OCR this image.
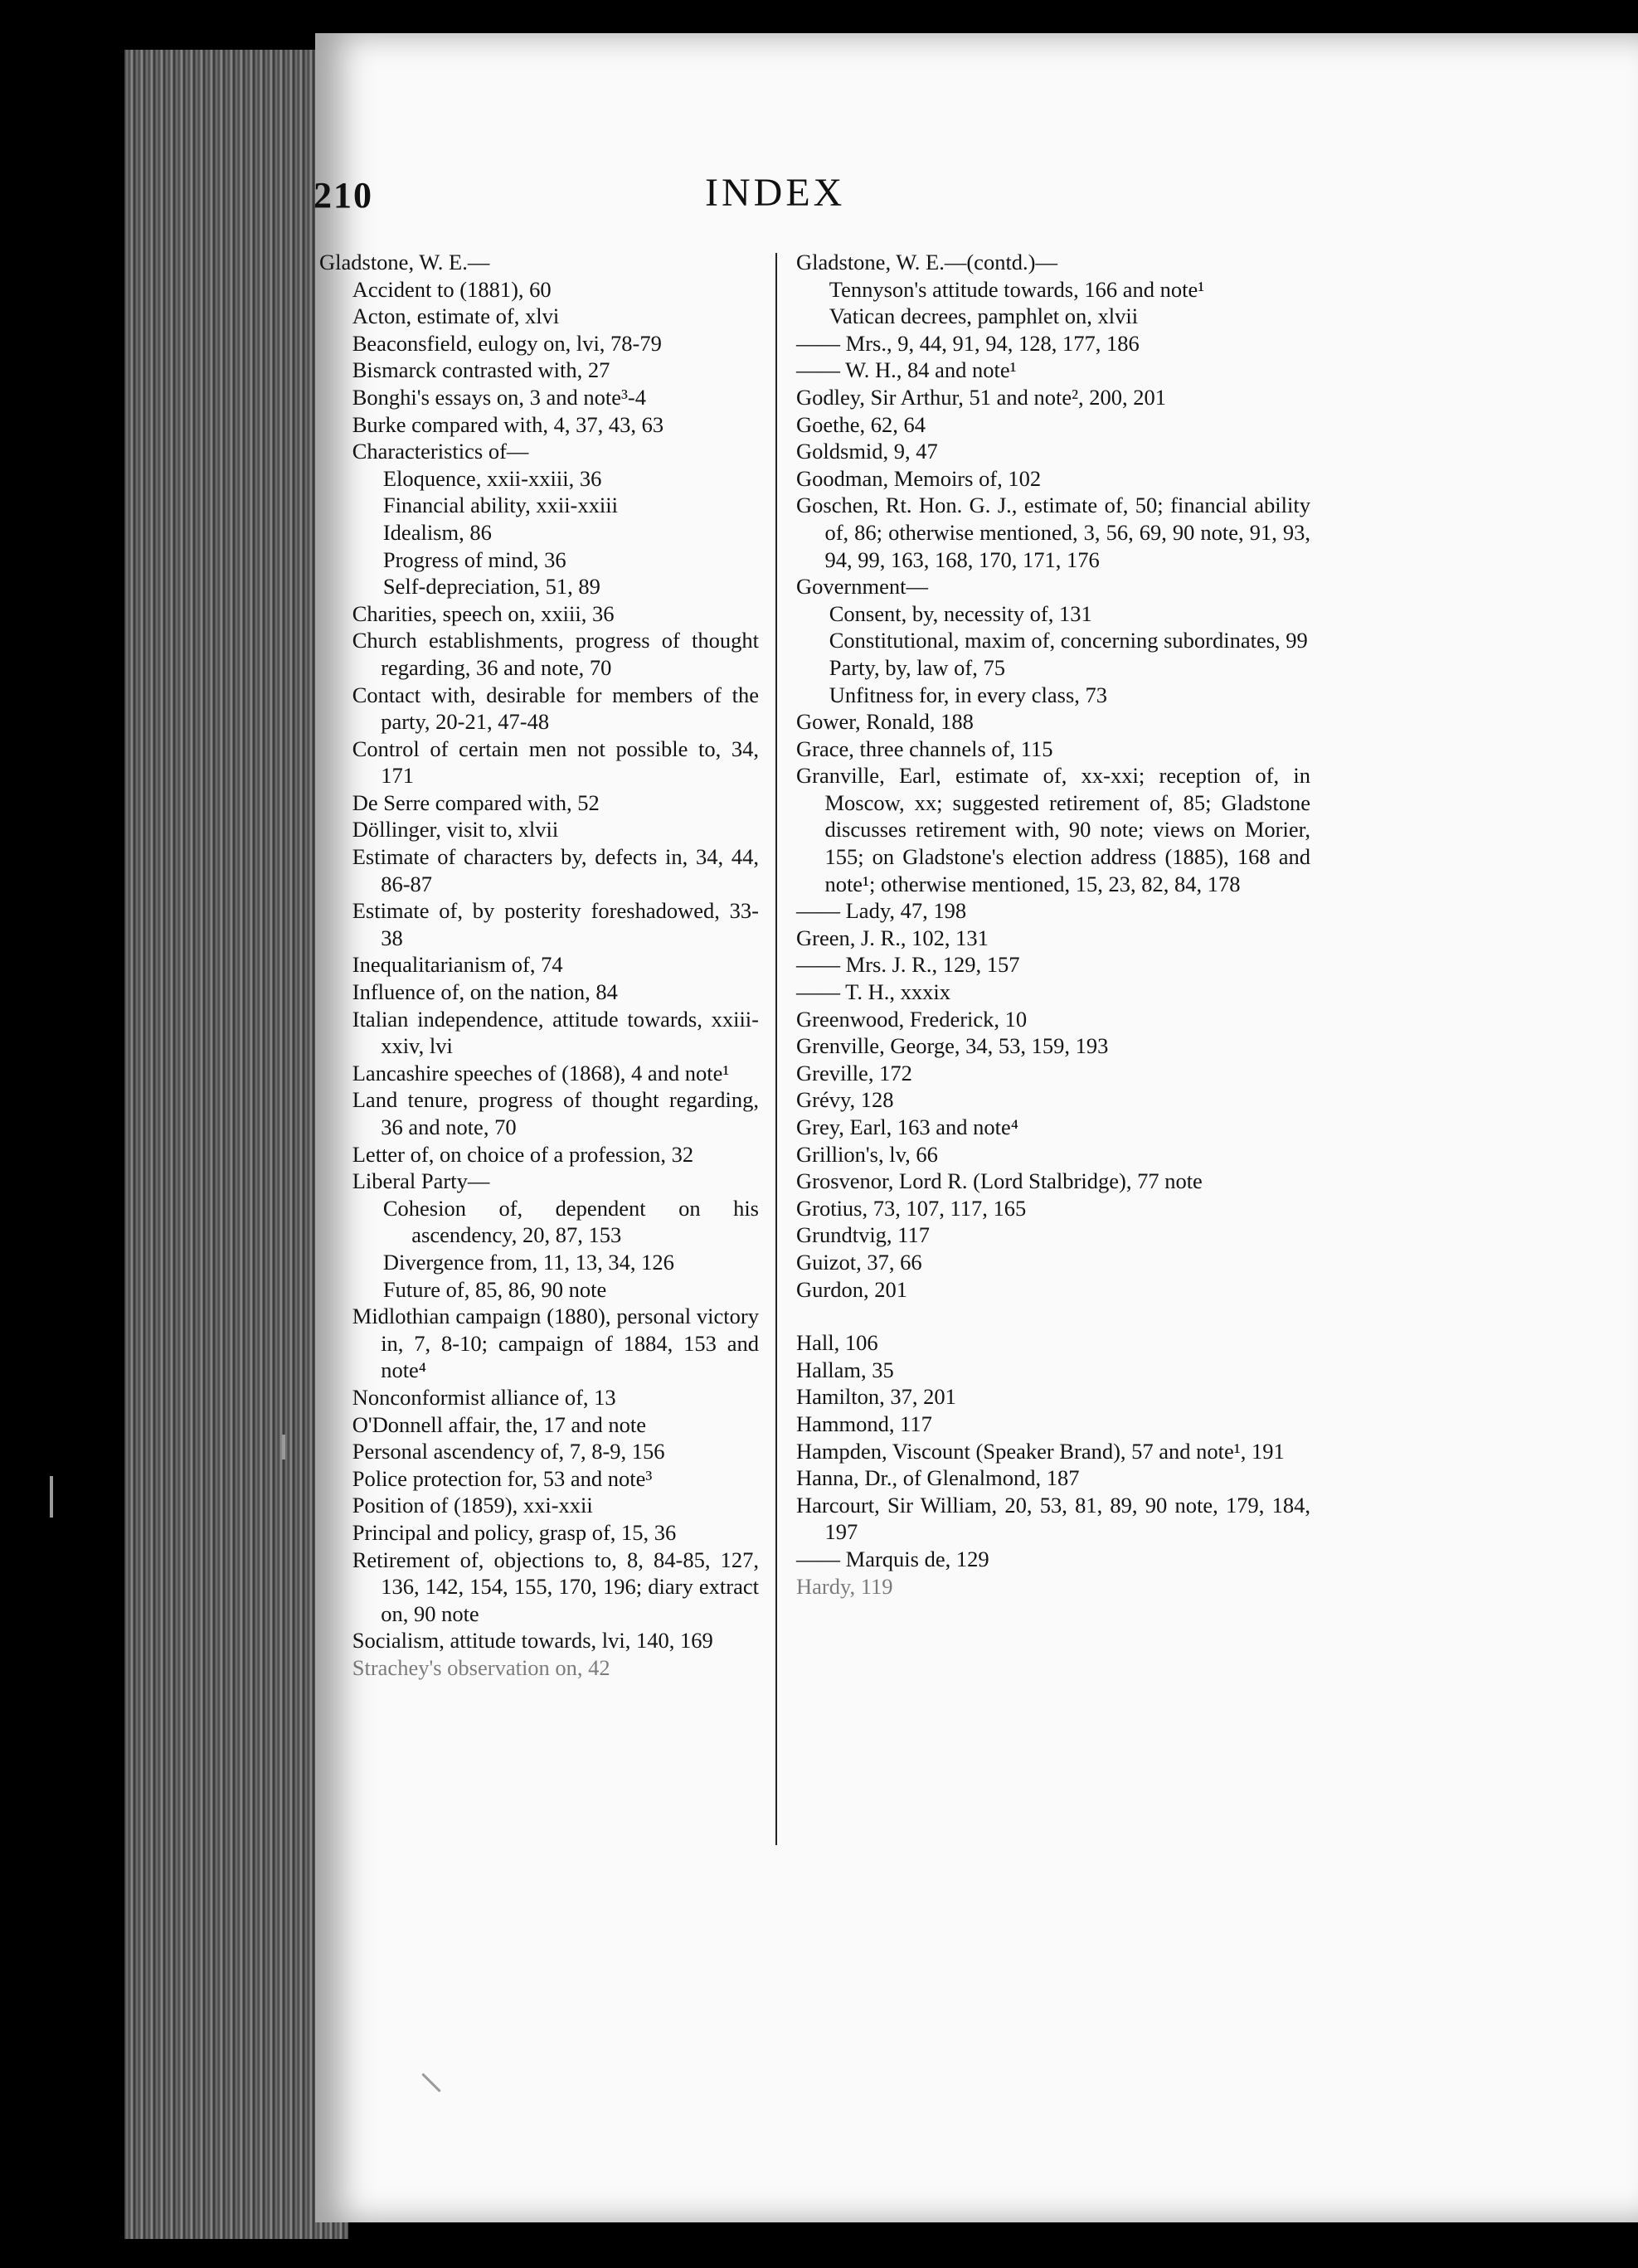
210	INDEX
Gladstone, W. E.—
Accident to (1881), 60
Acton, estimate of, xlvi
Beaconsfield, eulogy on, lvi, 78-79
Bismarck contrasted with, 27
Bonghi's essays on, 3 and note³-4
Burke compared with, 4, 37, 43, 63
Characteristics of—
Eloquence, xxii-xxiii, 36
Financial ability, xxii-xxiii
Idealism, 86
Progress of mind, 36
Self-depreciation, 51, 89
Charities, speech on, xxiii, 36
Church establishments, progress of thought regarding, 36 and note, 70
Contact with, desirable for members of the party, 20-21, 47-48
Control of certain men not possible to, 34, 171
De Serre compared with, 52
Döllinger, visit to, xlvii
Estimate of characters by, defects in, 34, 44, 86-87
Estimate of, by posterity foreshadowed, 33-38
Inequalitarianism of, 74
Influence of, on the nation, 84
Italian independence, attitude towards, xxiii-xxiv, lvi
Lancashire speeches of (1868), 4 and note¹
Land tenure, progress of thought regarding, 36 and note, 70
Letter of, on choice of a profession, 32
Liberal Party—
Cohesion of, dependent on his ascendency, 20, 87, 153
Divergence from, 11, 13, 34, 126
Future of, 85, 86, 90 note
Midlothian campaign (1880), personal victory in, 7, 8-10; campaign of 1884, 153 and note⁴
Nonconformist alliance of, 13
O'Donnell affair, the, 17 and note
Personal ascendency of, 7, 8-9, 156
Police protection for, 53 and note³
Position of (1859), xxi-xxii
Principal and policy, grasp of, 15, 36
Retirement of, objections to, 8, 84-85, 127, 136, 142, 154, 155, 170, 196; diary extract on, 90 note
Socialism, attitude towards, lvi, 140, 169
Strachey's observation on, 42
Gladstone, W. E.—(contd.)—
Tennyson's attitude towards, 166 and note¹
Vatican decrees, pamphlet on, xlvii
—— Mrs., 9, 44, 91, 94, 128, 177, 186
—— W. H., 84 and note¹
Godley, Sir Arthur, 51 and note², 200, 201
Goethe, 62, 64
Goldsmid, 9, 47
Goodman, Memoirs of, 102
Goschen, Rt. Hon. G. J., estimate of, 50; financial ability of, 86; otherwise mentioned, 3, 56, 69, 90 note, 91, 93, 94, 99, 163, 168, 170, 171, 176
Government—
Consent, by, necessity of, 131
Constitutional, maxim of, concerning subordinates, 99
Party, by, law of, 75
Unfitness for, in every class, 73
Gower, Ronald, 188
Grace, three channels of, 115
Granville, Earl, estimate of, xx-xxi; reception of, in Moscow, xx; suggested retirement of, 85; Gladstone discusses retirement with, 90 note; views on Morier, 155; on Gladstone's election address (1885), 168 and note¹; otherwise mentioned, 15, 23, 82, 84, 178
—— Lady, 47, 198
Green, J. R., 102, 131
—— Mrs. J. R., 129, 157
—— T. H., xxxix
Greenwood, Frederick, 10
Grenville, George, 34, 53, 159, 193
Greville, 172
Grévy, 128
Grey, Earl, 163 and note⁴
Grillion's, lv, 66
Grosvenor, Lord R. (Lord Stalbridge), 77 note
Grotius, 73, 107, 117, 165
Grundtvig, 117
Guizot, 37, 66
Gurdon, 201
Hall, 106
Hallam, 35
Hamilton, 37, 201
Hammond, 117
Hampden, Viscount (Speaker Brand), 57 and note¹, 191
Hanna, Dr., of Glenalmond, 187
Harcourt, Sir William, 20, 53, 81, 89, 90 note, 179, 184, 197
—— Marquis de, 129
Hardy, 119
